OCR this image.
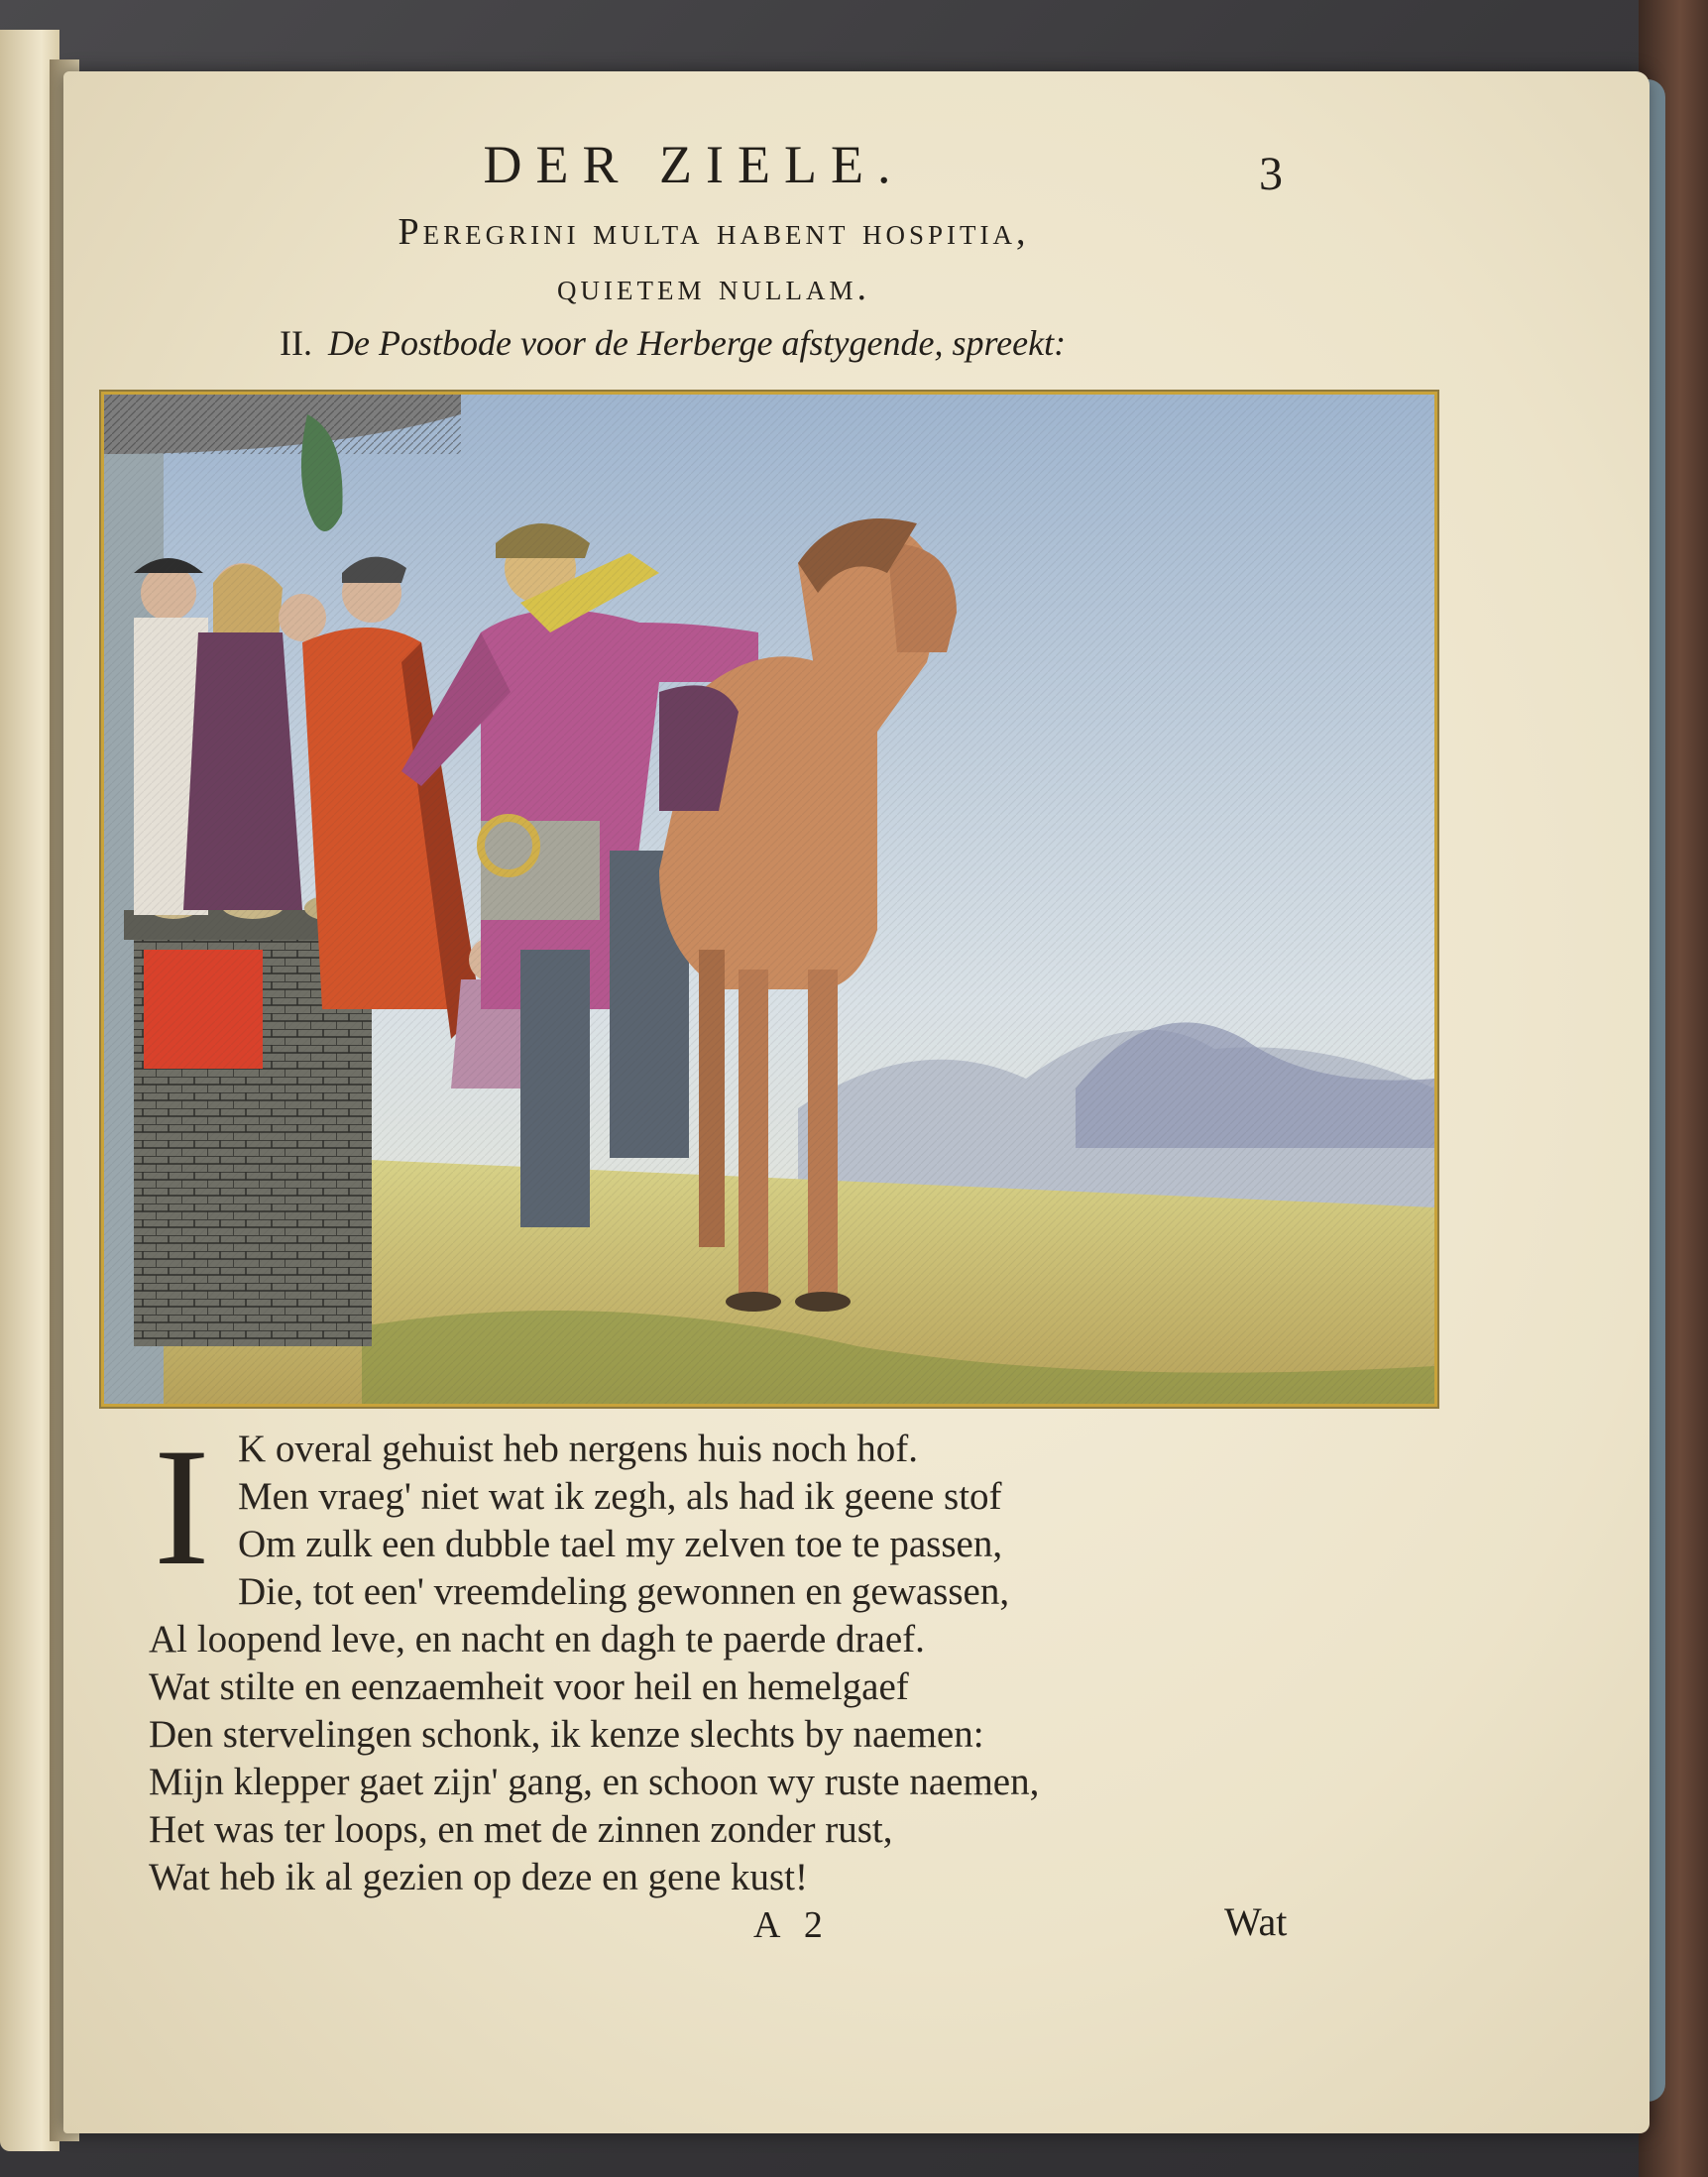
DER ZIELE.	3
Peregrini multa habent hospitia,
quietem nullam.
II. De Postbode voor de Herberge afstygende, spreekt:
I K overal gehuist heb nergens huis noch hof.
Men vraeg' niet wat ik zegh, als had ik geene stof
Om zulk een dubble tael my zelven toe te passen,
Die, tot een' vreemdeling gewonnen en gewassen,
Al loopend leve, en nacht en dagh te paerde draef.
Wat stilte en eenzaemheit voor heil en hemelgaef
Den stervelingen schonk, ik kenze slechts by naemen:
Mijn klepper gaet zijn' gang, en schoon wy ruste naemen,
Het was ter loops, en met de zinnen zonder rust,
Wat heb ik al gezien op deze en gene kust!
A 2	Wat
